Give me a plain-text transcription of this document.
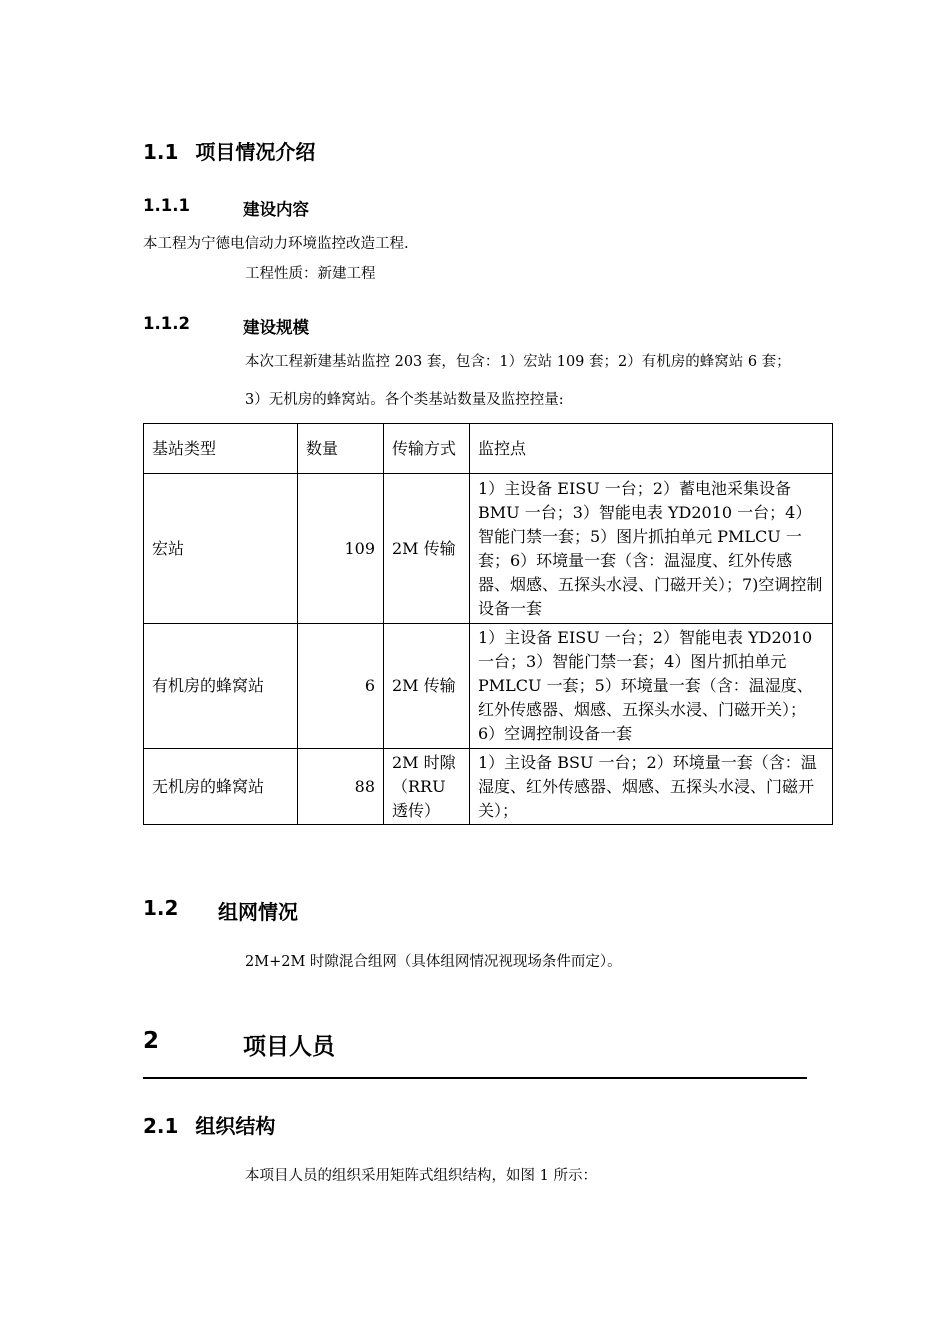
1.1 项目情况介绍
1.1.1	建设内容
本工程为宁德电信动力环境监控改造工程.
工程性质：新建工程
1.1.2	建设规模
本次工程新建基站监控 203 套，包含：1）宏站 109 套；2）有机房的蜂窝站 6 套；
3）无机房的蜂窝站。各个类基站数量及监控控量:
基站类型	数量	传输方式	监控点
宏站	109	2M 传输	1）主设备 EISU 一台；2）蓄电池采集设备 BMU 一台；3）智能电表 YD2010 一台；4）智能门禁一套；5）图片抓拍单元 PMLCU 一套；6）环境量一套（含：温湿度、红外传感器、烟感、五探头水浸、门磁开关）；7)空调控制设备一套
有机房的蜂窝站	6	2M 传输	1）主设备 EISU 一台；2）智能电表 YD2010 一台；3）智能门禁一套；4）图片抓拍单元 PMLCU 一套；5）环境量一套（含：温湿度、红外传感器、烟感、五探头水浸、门磁开关）；6）空调控制设备一套
无机房的蜂窝站	88	2M 时隙（RRU 透传）	1）主设备 BSU 一台；2）环境量一套（含：温湿度、红外传感器、烟感、五探头水浸、门磁开关）；
1.2 组网情况
2M+2M 时隙混合组网（具体组网情况视现场条件而定）。
2	项目人员
2.1 组织结构
本项目人员的组织采用矩阵式组织结构，如图 1 所示：
